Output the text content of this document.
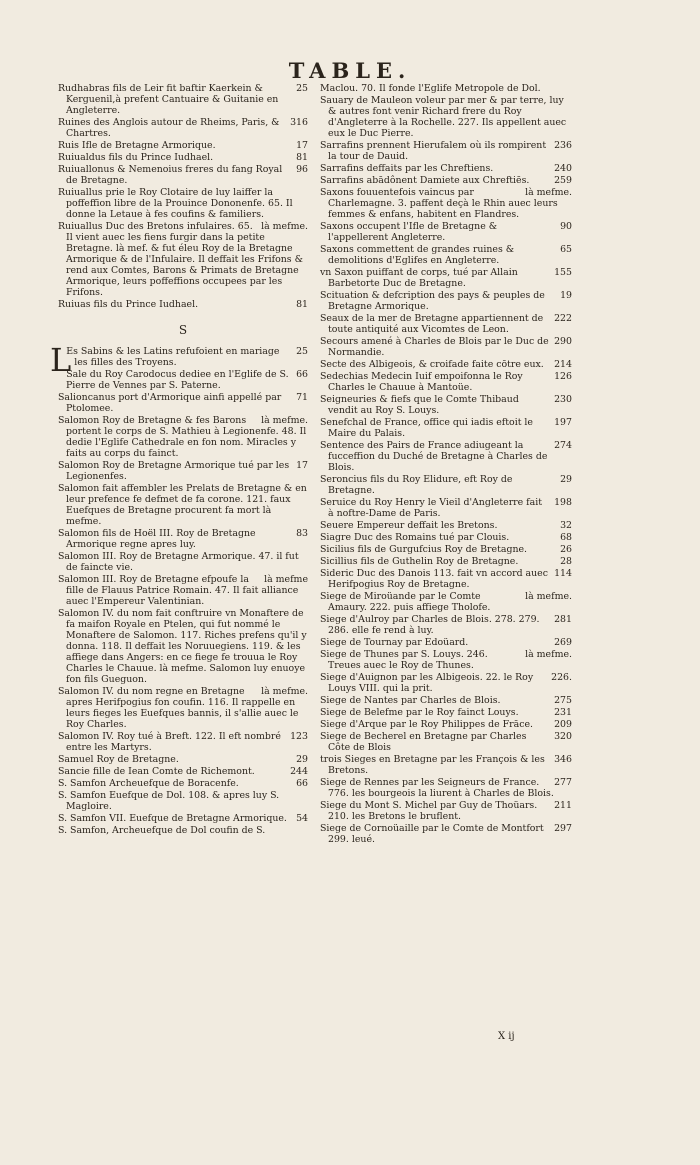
TABLE.
25
Rudhabras fils de Leir fit baftir Kaerkein & Kerguenil,à prefent Cantuaire & Guitanie en Angleterre.
316
Ruines des Anglois autour de Rheims, Paris, & Chartres.
17
Ruis Ifle de Bretagne Armorique.
81
Ruiualdus fils du Prince Iudhael.
96
Ruiuallonus & Nemenoius freres du fang Royal de Bretagne.
Ruiuallus prie le Roy Clotaire de luy laiffer la poffeffion libre de la Prouince Dononenfe. 65. Il donne la Letaue à fes coufins & familiers.
là mefme.
Ruiuallus Duc des Bretons infulaires. 65. Il vient auec les fiens furgir dans la petite Bretagne. là mef. & fut éleu Roy de la Bretagne Armorique & de l'Infulaire. Il deffait les Frifons & rend aux Comtes, Barons & Primats de Bretagne Armorique, leurs poffeffions occupees par les Frifons.
81
Ruiuas fils du Prince Iudhael.
S
L	25
Es Sabins & les Latins refufoient en mariage les filles des Troyens.
66
Sale du Roy Carodocus dediee en l'Eglife de S. Pierre de Vennes par S. Paterne.
71
Salioncanus port d'Armorique ainfi appellé par Ptolomee.
là mefme.
Salomon Roy de Bretagne & fes Barons portent le corps de S. Mathieu à Legionenfe. 48. Il dedie l'Eglife Cathedrale en fon nom. Miracles y faits au corps du fainct.
17
Salomon Roy de Bretagne Armorique tué par les Legionenfes.
Salomon fait affembler les Prelats de Bretagne & en leur prefence fe defmet de fa corone. 121. faux Euefques de Bretagne procurent fa mort là mefme.
83
Salomon fils de Hoël III. Roy de Bretagne Armorique regne apres luy.
Salomon III. Roy de Bretagne Armorique. 47. il fut de faincte vie.
là mefme
Salomon III. Roy de Bretagne efpoufe la fille de Flauus Patrice Romain. 47. Il fait alliance auec l'Empereur Valentinian.
Salomon IV. du nom fait conftruire vn Monaftere de fa maifon Royale en Ptelen, qui fut nommé le Monaftere de Salomon. 117. Riches prefens qu'il y donna. 118. Il deffait les Noruuegiens. 119. & les affiege dans Angers: en ce fiege fe trouua le Roy Charles le Chauue. là mefme. Salomon luy enuoye fon fils Gueguon.
là mefme.
Salomon IV. du nom regne en Bretagne apres Herifpogius fon coufin. 116. Il rappelle en leurs fieges les Euefques bannis, il s'allie auec le Roy Charles.
123
Salomon IV. Roy tué à Breft. 122. Il eft nombré entre les Martyrs.
29
Samuel Roy de Bretagne.
244
Sancie fille de Iean Comte de Richemont.
66
S. Samfon Archeuefque de Boracenfe.
S. Samfon Euefque de Dol. 108. & apres luy S. Magloire.
54
S. Samfon VII. Euefque de Bretagne Armorique.
S. Samfon, Archeuefque de Dol coufin de S.
Maclou. 70. Il fonde l'Eglife Metropole de Dol.
Sauary de Mauleon voleur par mer & par terre, luy & autres font venir Richard frere du Roy d'Angleterre à la Rochelle. 227. Ils appellent auec eux le Duc Pierre.
236
Sarrafins prennent Hierufalem où ils rompirent la tour de Dauid.
240
Sarrafins deffaits par les Chreftiens.
259
Sarrafins abādônent Damiete aux Chreftiēs.
là mefme.
Saxons fouuentefois vaincus par Charlemagne. 3. paffent deçà le Rhin auec leurs femmes & enfans, habitent en Flandres.
90
Saxons occupent l'Ifle de Bretagne & l'appellerent Angleterre.
65
Saxons commettent de grandes ruines & demolitions d'Eglifes en Angleterre.
155
vn Saxon puiffant de corps, tué par Allain Barbetorte Duc de Bretagne.
19
Scituation & defcription des pays & peuples de Bretagne Armorique.
222
Seaux de la mer de Bretagne appartiennent de toute antiquité aux Vicomtes de Leon.
290
Secours amené à Charles de Blois par le Duc de Normandie.
214
Secte des Albigeois, & croifade faite cōtre eux.
126
Sedechias Medecin Iuif empoifonna le Roy Charles le Chauue à Mantoüe.
230
Seigneuries & fiefs que le Comte Thibaud vendit au Roy S. Louys.
197
Senefchal de France, office qui iadis eftoit le Maire du Palais.
274
Sentence des Pairs de France adiugeant la fucceffion du Duché de Bretagne à Charles de Blois.
29
Seroncius fils du Roy Elidure, eft Roy de Bretagne.
198
Seruice du Roy Henry le Vieil d'Angleterre fait à noftre-Dame de Paris.
32
Seuere Empereur deffait les Bretons.
68
Siagre Duc des Romains tué par Clouis.
26
Sicilius fils de Gurgufcius Roy de Bretagne.
28
Sicillius fils de Guthelin Roy de Bretagne.
114
Sideric Duc des Danois 113. fait vn accord auec Herifpogius Roy de Bretagne.
là mefme.
Siege de Miroüande par le Comte Amaury. 222. puis affiege Tholofe.
281
Siege d'Aulroy par Charles de Blois. 278. 279. 286. elle fe rend à luy.
269
Siege de Tournay par Edoüard.
là mefme.
Siege de Thunes par S. Louys. 246. Treues auec le Roy de Thunes.
226.
Siege d'Auignon par les Albigeois. 22. le Roy Louys VIII. qui la prit.
275
Siege de Nantes par Charles de Blois.
231
Siege de Belefme par le Roy fainct Louys.
209
Siege d'Arque par le Roy Philippes de Frāce.
320
Siege de Becherel en Bretagne par Charles Côte de Blois
346
trois Sieges en Bretagne par les François & les Bretons.
277
Siege de Rennes par les Seigneurs de France. 776. les bourgeois la liurent à Charles de Blois.
211
Siege du Mont S. Michel par Guy de Thoüars. 210. les Bretons le bruflent.
297
Siege de Cornoüaille par le Comte de Montfort 299. leué.
X ij
